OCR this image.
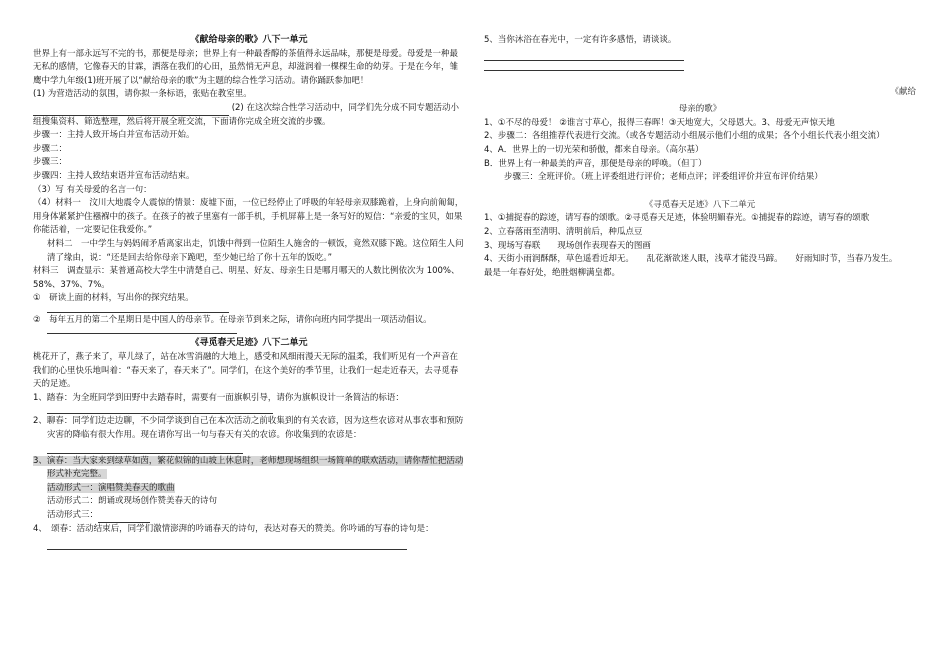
《献给母亲的歌》八下一单元

世界上有一部永远写不完的书，那便是母亲；世界上有一种最香醇的茶值得永远品味，那便是母爱。母爱是一种最无私的感情，它像春天的甘霖，洒落在我们的心田，虽然悄无声息，却滋润着一棵棵生命的幼芽。于是在今年，雏鹰中学九年级(1)班开展了以“献给母亲的歌”为主题的综合性学习活动。请你踊跃参加吧！

(1) 为营造活动的氛围，请你拟一条标语，张贴在教室里。

(2) 在这次综合性学习活动中，同学们先分成不同专题活动小组搜集资料、筛选整理，然后将开展全班交流，下面请你完成全班交流的步骤。

步骤一：主持人致开场白并宣布活动开始。

步骤二：

步骤三：

步骤四：主持人致结束语并宣布活动结束。

（3）写 有关母爱的名言一句：

（4）材料一　汶川大地震令人震惊的情景：废墟下面，一位已经停止了呼吸的年轻母亲双膝跪着，上身向前匍匐，用身体紧紧护住襁褓中的孩子。在孩子的被子里塞有一部手机，手机屏幕上是一条写好的短信：“亲爱的宝贝，如果你能活着，一定要记住我爱你。”

材料二　一中学生与妈妈闹矛盾离家出走，饥饿中得到一位陌生人施舍的一顿饭，竟然双膝下跪。这位陌生人问清了缘由，说：“还是回去给你母亲下跪吧，至少她已给了你十五年的饭吃。”

材料三　调查显示：某普通高校大学生中清楚自己、明星、好友、母亲生日是哪月哪天的人数比例依次为 100%、58%、37%、7%。

①　研读上面的材料，写出你的探究结果。

②　每年五月的第二个星期日是中国人的母亲节。在母亲节到来之际，请你向班内同学提出一项活动倡议。

《寻觅春天足迹》八下二单元

桃花开了，燕子来了，草儿绿了，站在冰雪消融的大地上，感受和风细雨漫天无际的温柔，我们听见有一个声音在我们的心里快乐地叫着：“春天来了，春天来了”。同学们，在这个美好的季节里，让我们一起走近春天，去寻觅春天的足迹。

1、踏春：为全班同学到田野中去踏春时，需要有一面旗帜引导，请你为旗帜设计一条简洁的标语：

2、聊春：同学们边走边聊，不少同学谈到自己在本次活动之前收集到的有关农谚，因为这些农谚对从事农事和预防灾害的降临有很大作用。现在请你写出一句与春天有关的农谚。你收集到的农谚是：

3、演春：当大家来到绿草如茵，繁花似锦的山坡上休息时，老师想现场组织一场简单的联欢活动，请你帮忙把活动形式补充完整。

活动形式一：演唱赞美春天的歌曲

活动形式二：朗诵或现场创作赞美春天的诗句

活动形式三：

4、　颂春：活动结束后，同学们激情澎湃的吟诵春天的诗句，表达对春天的赞美。你吟诵的写春的诗句是：

5、当你沐浴在春光中，一定有许多感悟，请谈谈。

《献给

母亲的歌》

1、①不尽的母爱！ ②谁言寸草心，报得三春晖！③天地宽大，父母恩大。3、母爱无声惊天地

2、步骤二：各组推荐代表进行交流。（或各专题活动小组展示他们小组的成果；各个小组长代表小组交流）

4、A．世界上的一切光荣和骄傲，都来自母亲。（高尔基）

B．世界上有一种最美的声音，那便是母亲的呼唤。（但丁）

步骤三：全班评价。（班上评委组进行评价；老师点评；评委组评价并宣布评价结果）

《寻觅春天足迹》八下二单元

1、①捕捉春的踪迹，请写春的颂歌。②寻觅春天足迹，体验明媚春光。①捕捉春的踪迹，请写春的颂歌

2、立春落雨至清明、清明前后，种瓜点豆

3、现场写春联　　现场创作表现春天的图画

4、天街小雨润酥酥，草色遥看近却无。　　乱花渐欲迷人眼，浅草才能没马蹄。　　好雨知时节，当春乃发生。　　最是一年春好处，绝胜烟柳满皇都。
